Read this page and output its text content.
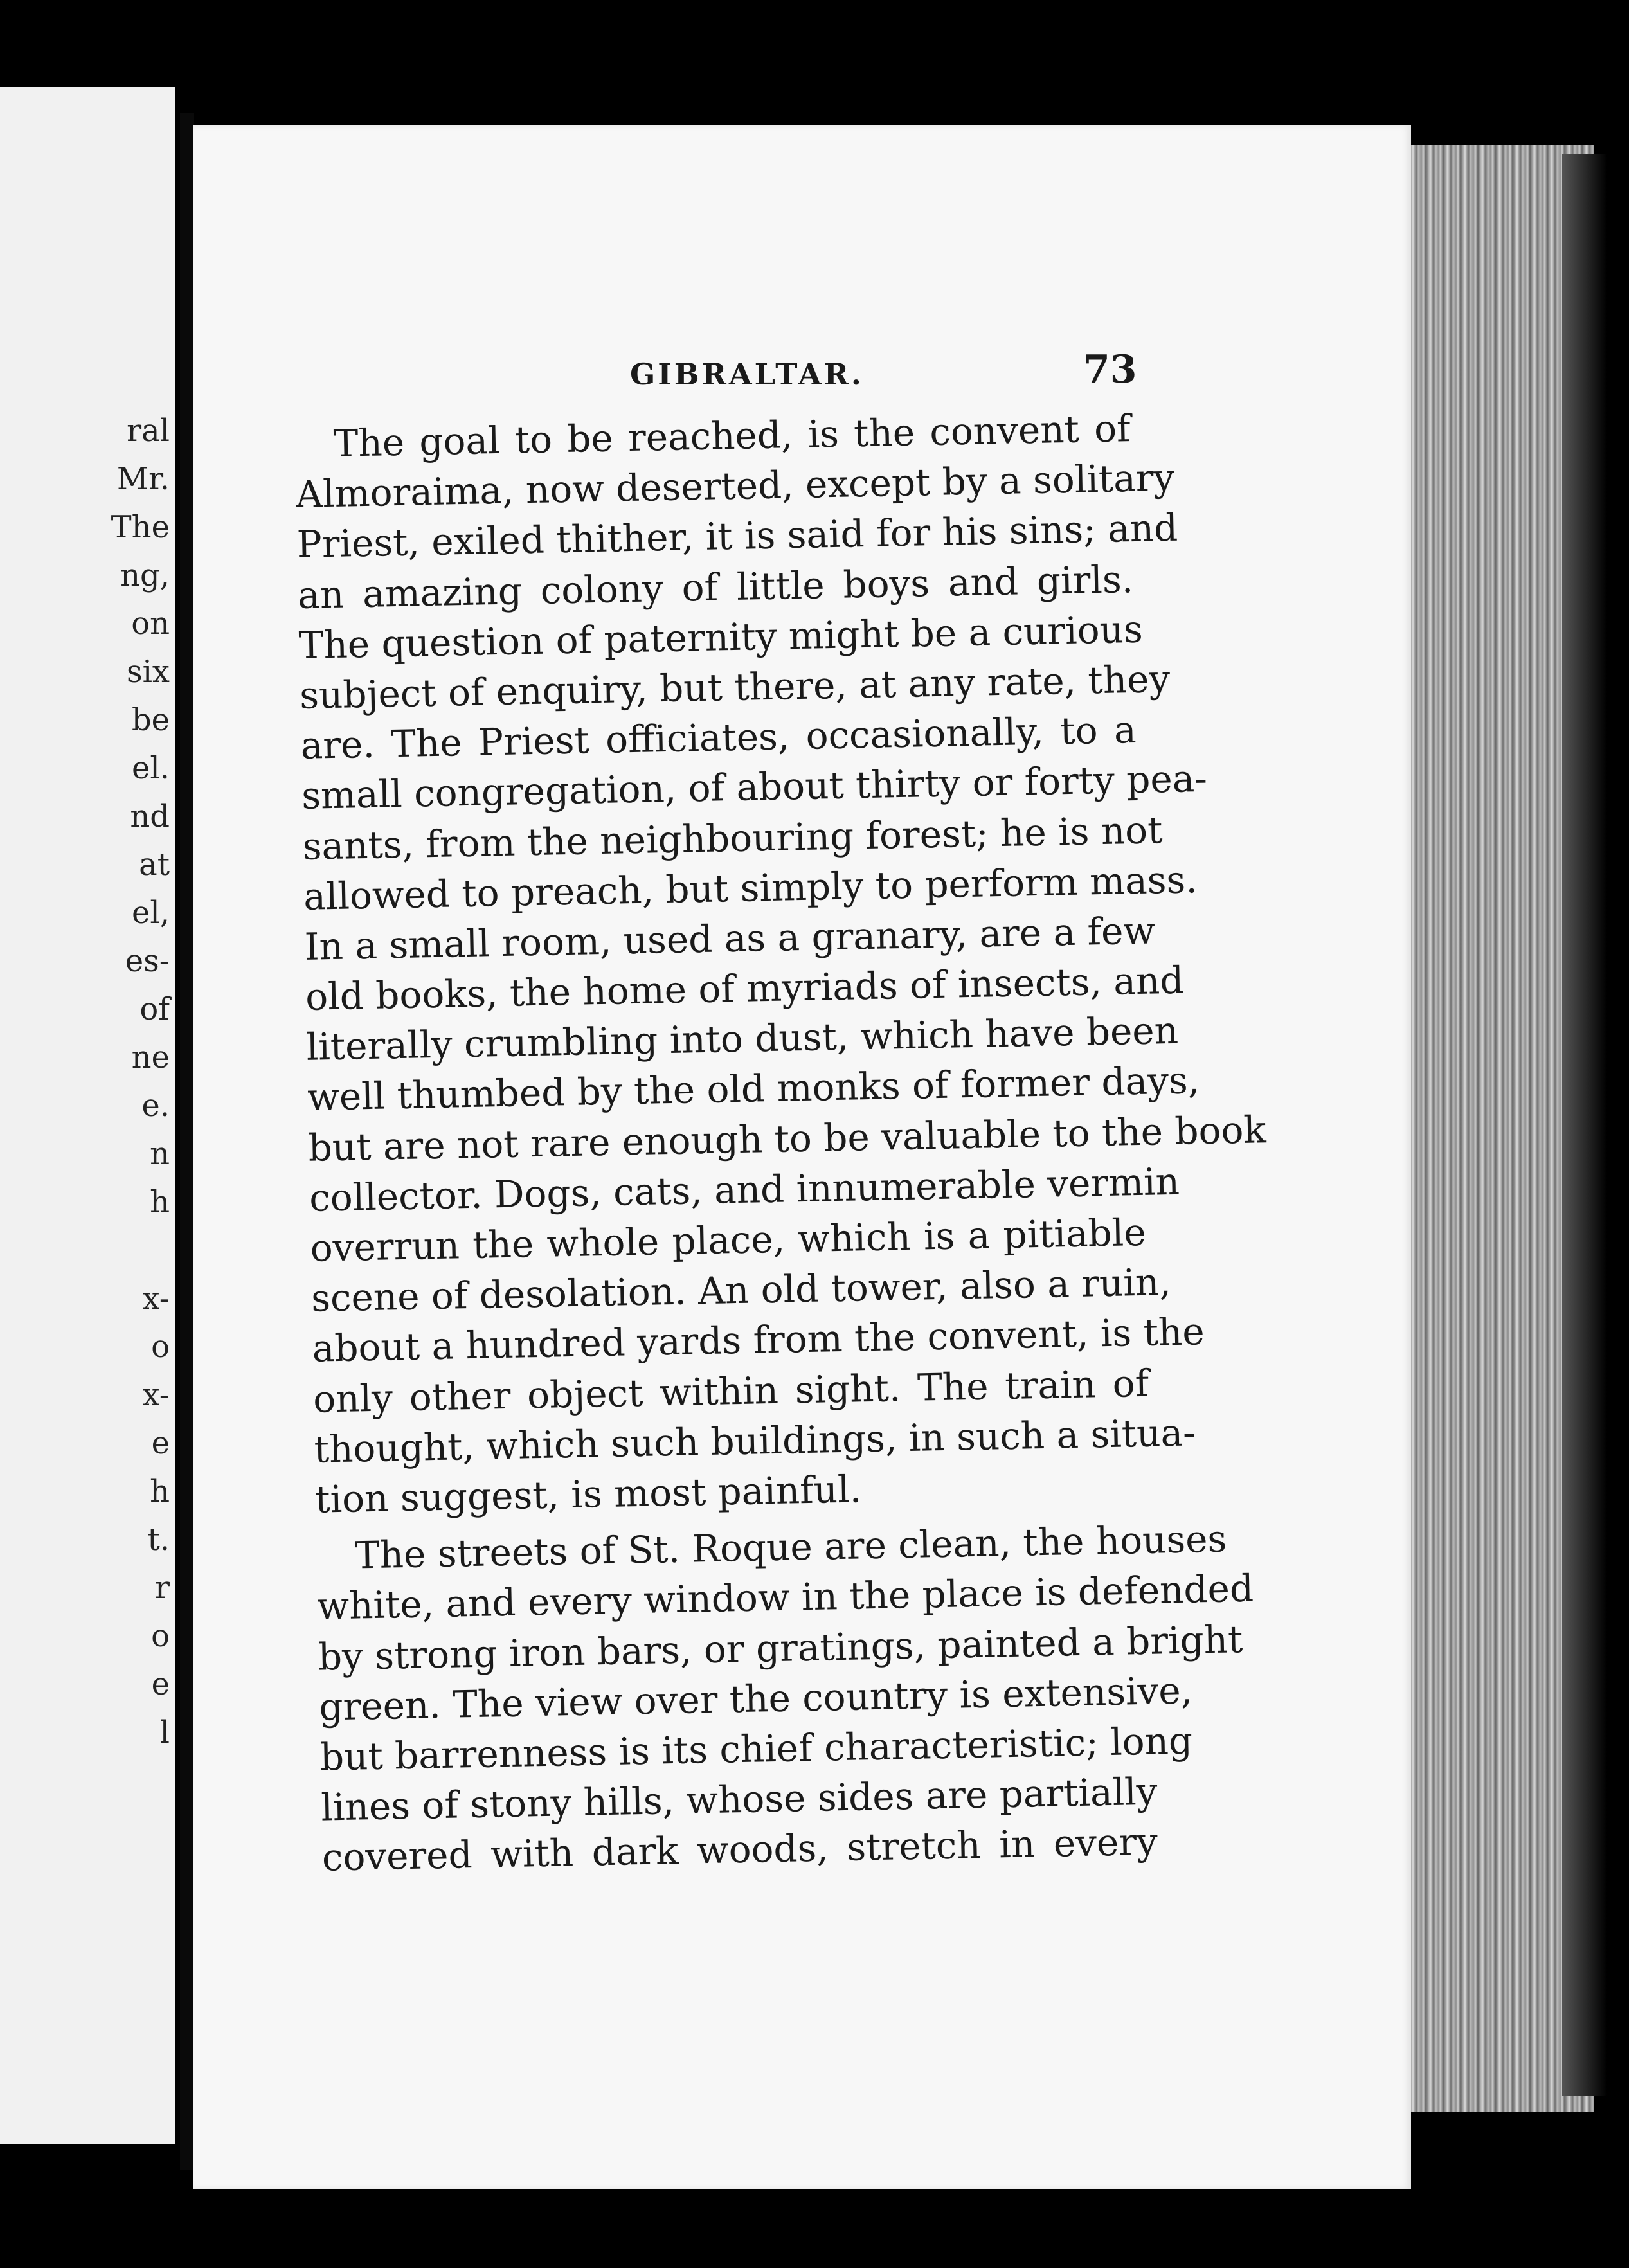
ral
Mr.
The
ng,
on
six
be
el.
nd
at
el,
es-
of
ne
e.
n
h
x-
o
x-
e
h
t.
r
o
e
l
GIBRALTAR.	73
The goal to be reached, is the convent of
Almoraima, now deserted, except by a solitary
Priest, exiled thither, it is said for his sins; and
an amazing colony of little boys and girls.
The question of paternity might be a curious
subject of enquiry, but there, at any rate, they
are. The Priest officiates, occasionally, to a
small congregation, of about thirty or forty pea-
sants, from the neighbouring forest; he is not
allowed to preach, but simply to perform mass.
In a small room, used as a granary, are a few
old books, the home of myriads of insects, and
literally crumbling into dust, which have been
well thumbed by the old monks of former days,
but are not rare enough to be valuable to the book
collector. Dogs, cats, and innumerable vermin
overrun the whole place, which is a pitiable
scene of desolation. An old tower, also a ruin,
about a hundred yards from the convent, is the
only other object within sight. The train of
thought, which such buildings, in such a situa-
tion suggest, is most painful.
The streets of St. Roque are clean, the houses
white, and every window in the place is defended
by strong iron bars, or gratings, painted a bright
green. The view over the country is extensive,
but barrenness is its chief characteristic; long
lines of stony hills, whose sides are partially
covered with dark woods, stretch in every
